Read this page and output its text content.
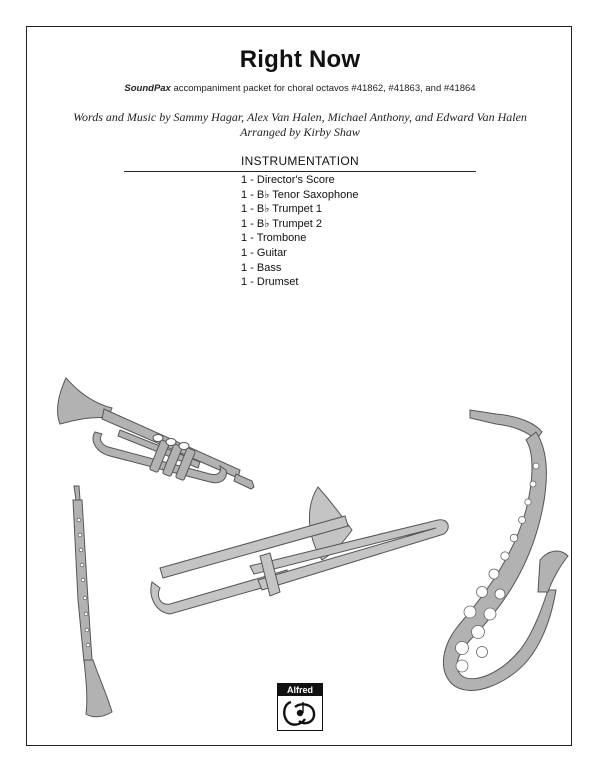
Right Now
SoundPax accompaniment packet for choral octavos #41862, #41863, and #41864
Words and Music by Sammy Hagar, Alex Van Halen, Michael Anthony, and Edward Van Halen
Arranged by Kirby Shaw
INSTRUMENTATION
1 - Director's Score
1 - B♭ Tenor Saxophone
1 - B♭ Trumpet 1
1 - B♭ Trumpet 2
1 - Trombone
1 - Guitar
1 - Bass
1 - Drumset
Alfred
